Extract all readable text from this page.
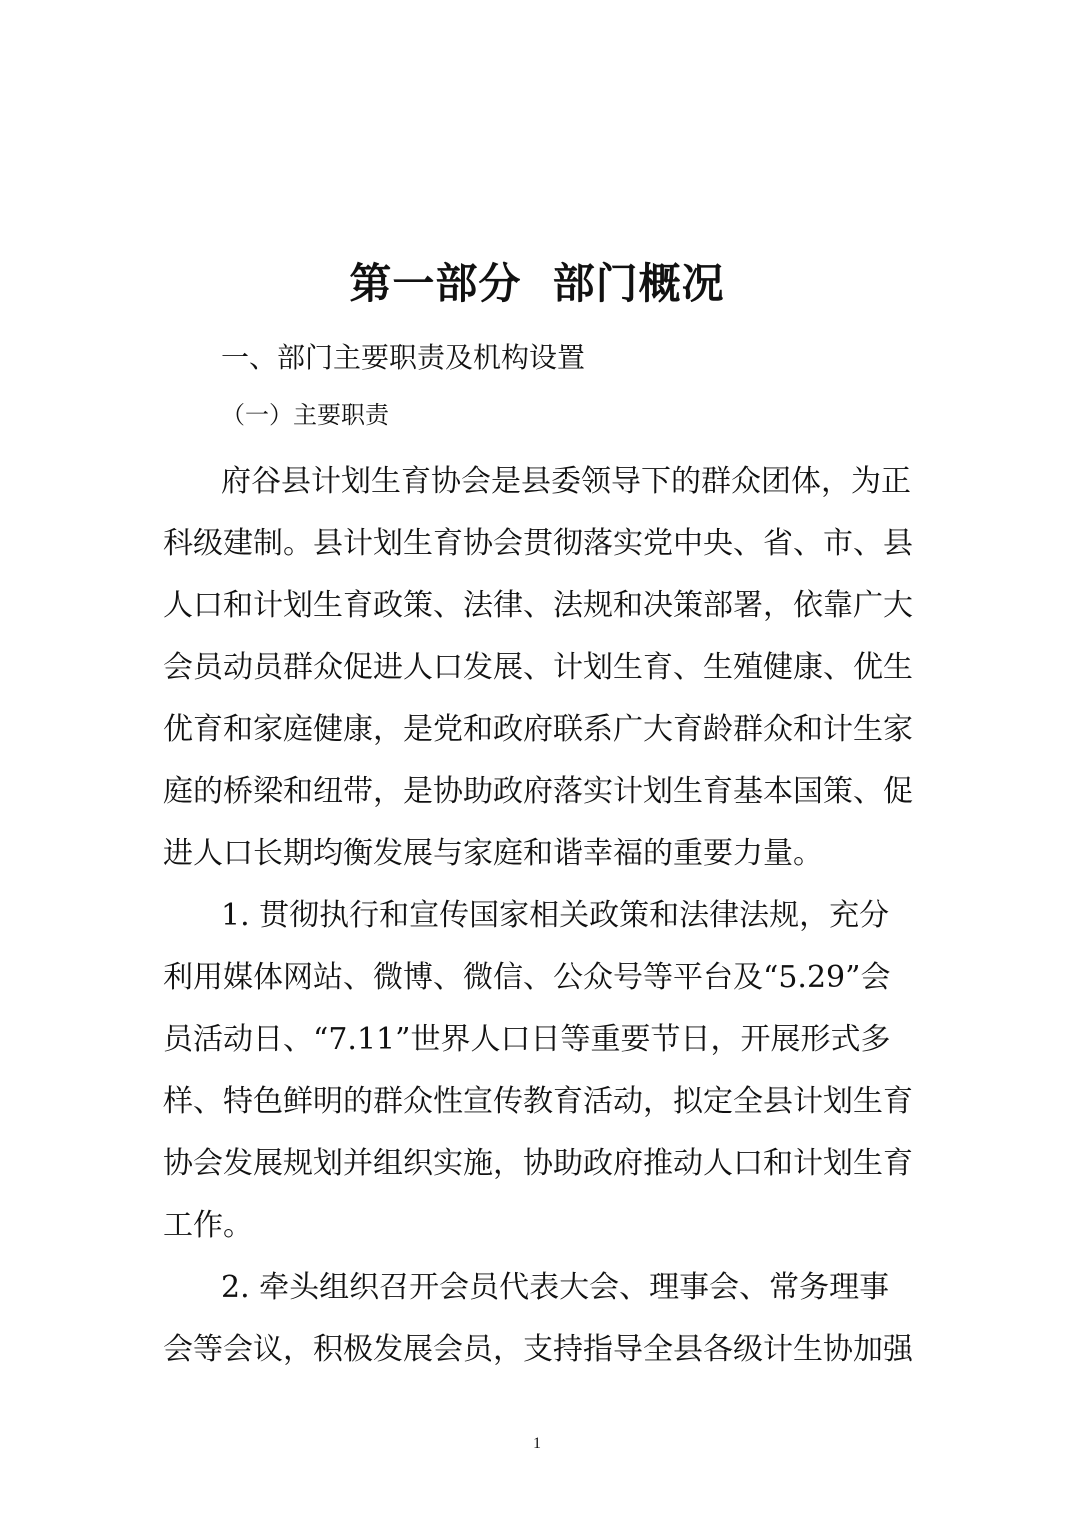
第一部分  部门概况
一、部门主要职责及机构设置
（一）主要职责
府谷县计划生育协会是县委领导下的群众团体，为正
科级建制。县计划生育协会贯彻落实党中央、省、市、县
人口和计划生育政策、法律、法规和决策部署，依靠广大
会员动员群众促进人口发展、计划生育、生殖健康、优生
优育和家庭健康，是党和政府联系广大育龄群众和计生家
庭的桥梁和纽带，是协助政府落实计划生育基本国策、促
进人口长期均衡发展与家庭和谐幸福的重要力量。
1. 贯彻执行和宣传国家相关政策和法律法规，充分
利用媒体网站、微博、微信、公众号等平台及“5.29”会
员活动日、“7.11”世界人口日等重要节日，开展形式多
样、特色鲜明的群众性宣传教育活动，拟定全县计划生育
协会发展规划并组织实施，协助政府推动人口和计划生育
工作。
2. 牵头组织召开会员代表大会、理事会、常务理事
会等会议，积极发展会员，支持指导全县各级计生协加强
1
